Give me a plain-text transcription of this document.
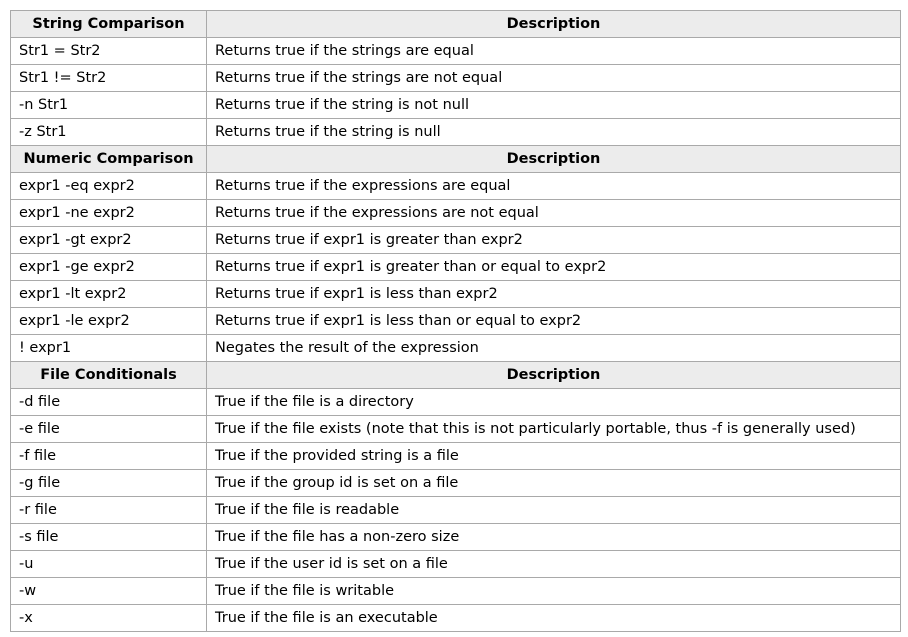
String Comparison	Description
Str1 = Str2	Returns true if the strings are equal
Str1 != Str2	Returns true if the strings are not equal
-n Str1	Returns true if the string is not null
-z Str1	Returns true if the string is null
Numeric Comparison	Description
expr1 -eq expr2	Returns true if the expressions are equal
expr1 -ne expr2	Returns true if the expressions are not equal
expr1 -gt expr2	Returns true if expr1 is greater than expr2
expr1 -ge expr2	Returns true if expr1 is greater than or equal to expr2
expr1 -lt expr2	Returns true if expr1 is less than expr2
expr1 -le expr2	Returns true if expr1 is less than or equal to expr2
! expr1	Negates the result of the expression
File Conditionals	Description
-d file	True if the file is a directory
-e file	True if the file exists (note that this is not particularly portable, thus -f is generally used)
-f file	True if the provided string is a file
-g file	True if the group id is set on a file
-r file	True if the file is readable
-s file	True if the file has a non-zero size
-u	True if the user id is set on a file
-w	True if the file is writable
-x	True if the file is an executable
